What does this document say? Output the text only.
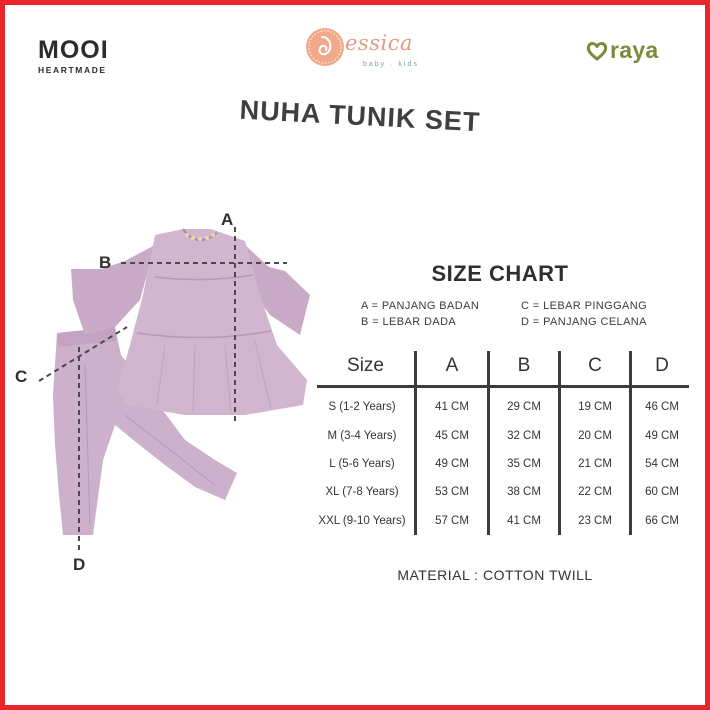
MOOI
HEARTMADE
essica
baby · kids
raya
NUHA TUNIK SET
A
B
C
D
SIZE CHART
A = PANJANG BADAN	C = LEBAR PINGGANG
B = LEBAR DADA	D = PANJANG CELANA
Size	A	B	C	D
S (1-2 Years)	41 CM	29 CM	19 CM	46 CM
M (3-4 Years)	45 CM	32 CM	20 CM	49 CM
L (5-6 Years)	49 CM	35 CM	21 CM	54 CM
XL (7-8 Years)	53 CM	38 CM	22 CM	60 CM
XXL (9-10 Years)	57 CM	41 CM	23 CM	66 CM
MATERIAL : COTTON TWILL
